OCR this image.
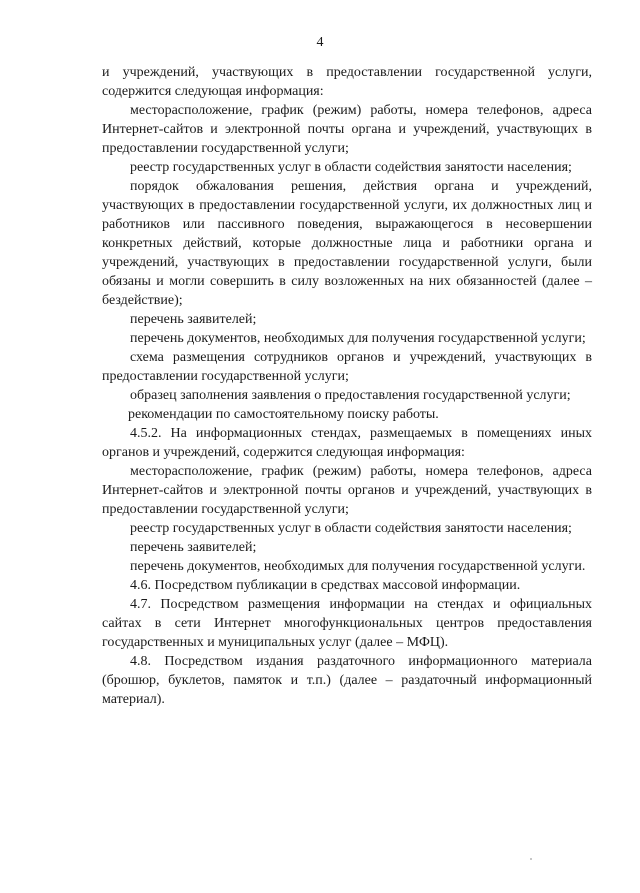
4

и учреждений, участвующих в предоставлении государственной услуги, содержится следующая информация:

месторасположение, график (режим) работы, номера телефонов, адреса Интернет-сайтов и электронной почты органа и учреждений, участвующих в предоставлении государственной услуги;

реестр государственных услуг в области содействия занятости населения;

порядок обжалования решения, действия органа и учреждений, участвующих в предоставлении государственной услуги, их должностных лиц и работников или пассивного поведения, выражающегося в несовершении конкретных действий, которые должностные лица и работники органа и учреждений, участвующих в предоставлении государственной услуги, были обязаны и могли совершить в силу возложенных на них обязанностей (далее – бездействие);

перечень заявителей;

перечень документов, необходимых для получения государственной услуги;

схема размещения сотрудников органов и учреждений, участвующих в предоставлении государственной услуги;

образец заполнения заявления о предоставления государственной услуги;

рекомендации по самостоятельному поиску работы.

4.5.2. На информационных стендах, размещаемых в помещениях иных органов и учреждений, содержится следующая информация:

месторасположение, график (режим) работы, номера телефонов, адреса Интернет-сайтов и электронной почты органов и учреждений, участвующих в предоставлении государственной услуги;

реестр государственных услуг в области содействия занятости населения;

перечень заявителей;

перечень документов, необходимых для получения государственной услуги.

4.6. Посредством публикации в средствах массовой информации.

4.7. Посредством размещения информации на стендах и официальных сайтах в сети Интернет многофункциональных центров предоставления государственных и муниципальных услуг (далее – МФЦ).

4.8. Посредством издания раздаточного информационного материала (брошюр, буклетов, памяток и т.п.) (далее – раздаточный информационный материал).
